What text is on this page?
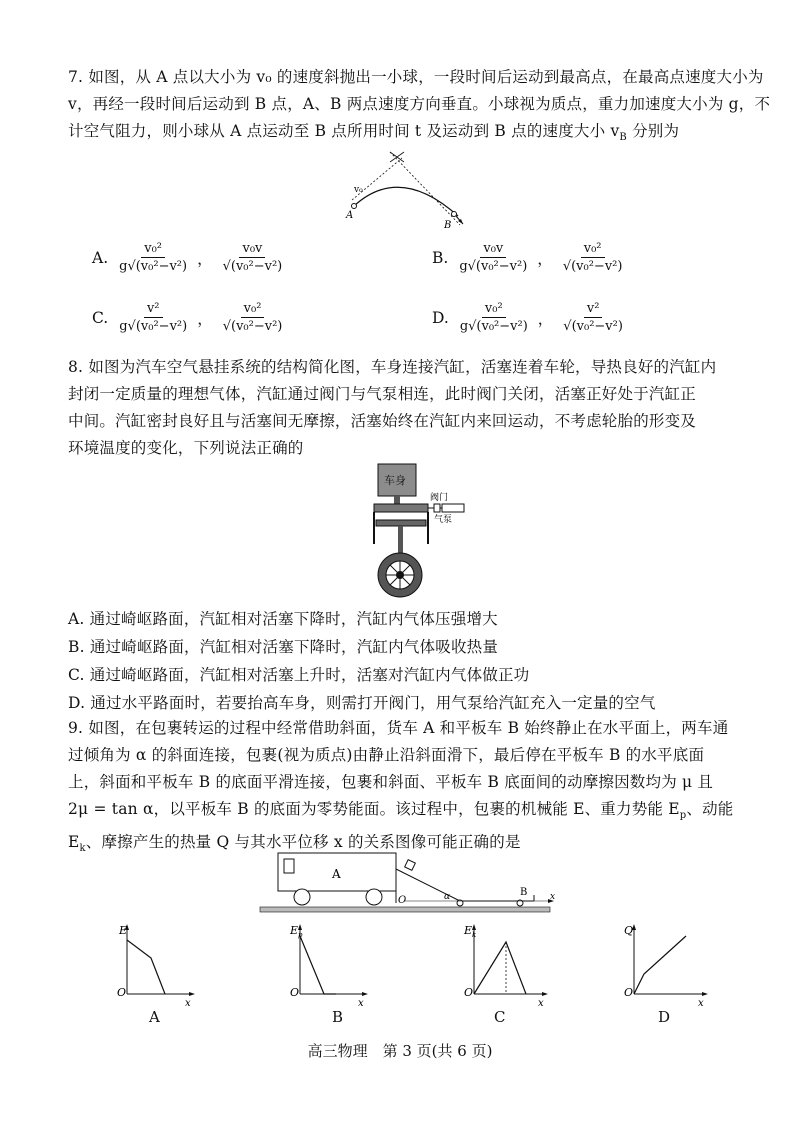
7. 如图，从 A 点以大小为 v₀ 的速度斜抛出一小球，一段时间后运动到最高点，在最高点速度大小为
v，再经一段时间后运动到 B 点，A、B 两点速度方向垂直。小球视为质点，重力加速度大小为 g，不
计空气阻力，则小球从 A 点运动至 B 点所用时间 t 及运动到 B 点的速度大小 $v_B$ 分别为
v₀
A
B
A. $\frac{\text{v₀²}}{\text{g√(v₀²−v²)}}$ ， $\frac{\text{v₀v}}{\text{√(v₀²−v²)}}$	B. $\frac{\text{v₀v}}{\text{g√(v₀²−v²)}}$ ， $\frac{\text{v₀²}}{\text{√(v₀²−v²)}}$
C. $\frac{\text{v²}}{\text{g√(v₀²−v²)}}$ ， $\frac{\text{v₀²}}{\text{√(v₀²−v²)}}$	D. $\frac{\text{v₀²}}{\text{g√(v₀²−v²)}}$ ， $\frac{\text{v²}}{\text{√(v₀²−v²)}}$
8. 如图为汽车空气悬挂系统的结构简化图，车身连接汽缸，活塞连着车轮，导热良好的汽缸内
封闭一定质量的理想气体，汽缸通过阀门与气泵相连，此时阀门关闭，活塞正好处于汽缸正
中间。汽缸密封良好且与活塞间无摩擦，活塞始终在汽缸内来回运动，不考虑轮胎的形变及
环境温度的变化，下列说法正确的
车身
阀门
气泵
A. 通过崎岖路面，汽缸相对活塞下降时，汽缸内气体压强增大
B. 通过崎岖路面，汽缸相对活塞下降时，汽缸内气体吸收热量
C. 通过崎岖路面，汽缸相对活塞上升时，活塞对汽缸内气体做正功
D. 通过水平路面时，若要抬高车身，则需打开阀门，用气泵给汽缸充入一定量的空气
9. 如图，在包裹转运的过程中经常借助斜面，货车 A 和平板车 B 始终静止在水平面上，两车通
过倾角为 α 的斜面连接，包裹(视为质点)由静止沿斜面滑下，最后停在平板车 B 的水平底面
上，斜面和平板车 B 的底面平滑连接，包裹和斜面、平板车 B 底面间的动摩擦因数均为 μ 且
2μ = tan α，以平板车 B 的底面为零势能面。该过程中，包裹的机械能 E、重力势能 $E_p$、动能
$E_k$、摩擦产生的热量 Q 与其水平位移 x 的关系图像可能正确的是
A
α
O
B	x
E
O
x
A
$E_p$
O
x
B
$E_k$
O
x
C
Q
O
x
D
高三物理　第 3 页(共 6 页)
